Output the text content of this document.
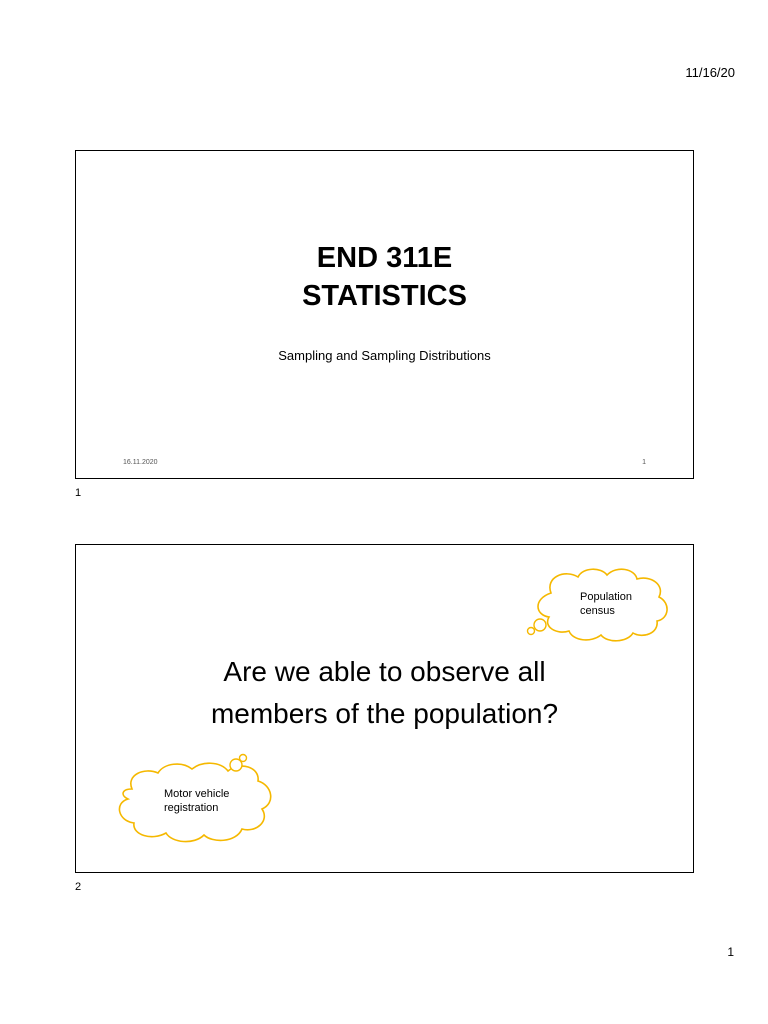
11/16/20
END 311E
STATISTICS
Sampling and Sampling Distributions
16.11.2020	1
1
Are we able to observe all
members of the population?
Population
census
Motor vehicle
registration
2
1
